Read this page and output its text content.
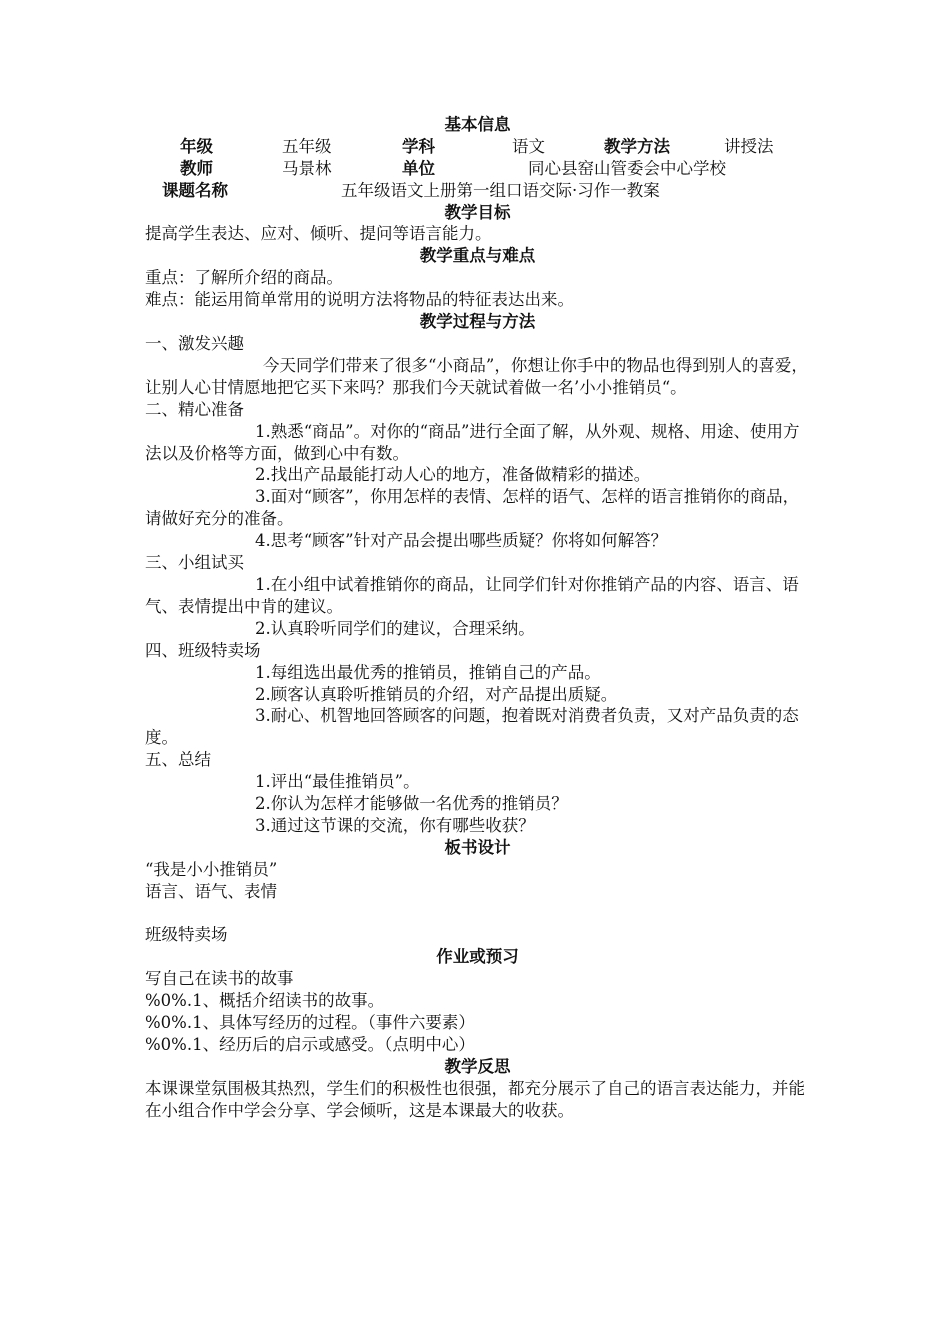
基本信息
年级	五年级	学科	语文	教学方法	讲授法
教师	马景林	单位	同心县窑山管委会中心学校
课题名称	五年级语文上册第一组口语交际·习作一教案
教学目标

提高学生表达、应对、倾听、提问等语言能力。

教学重点与难点

重点：了解所介绍的商品。

难点：能运用简单常用的说明方法将物品的特征表达出来。

教学过程与方法

一、激发兴趣

今天同学们带来了很多“小商品”，你想让你手中的物品也得到别人的喜爱，让别人心甘情愿地把它买下来吗？那我们今天就试着做一名’小小推销员“。

二、精心准备

1.熟悉“商品”。对你的“商品”进行全面了解，从外观、规格、用途、使用方法以及价格等方面，做到心中有数。

2.找出产品最能打动人心的地方，准备做精彩的描述。

3.面对“顾客”，你用怎样的表情、怎样的语气、怎样的语言推销你的商品，请做好充分的准备。

4.思考“顾客”针对产品会提出哪些质疑？你将如何解答？

三、小组试买

1.在小组中试着推销你的商品，让同学们针对你推销产品的内容、语言、语气、表情提出中肯的建议。

2.认真聆听同学们的建议，合理采纳。

四、班级特卖场

1.每组选出最优秀的推销员，推销自己的产品。

2.顾客认真聆听推销员的介绍，对产品提出质疑。

3.耐心、机智地回答顾客的问题，抱着既对消费者负责，又对产品负责的态度。

五、总结

1.评出“最佳推销员”。

2.你认为怎样才能够做一名优秀的推销员？

3.通过这节课的交流，你有哪些收获？

板书设计

“我是小小推销员”

语言、语气、表情

班级特卖场

作业或预习

写自己在读书的故事

%0%.1、概括介绍读书的故事。

%0%.1、具体写经历的过程。（事件六要素）

%0%.1、经历后的启示或感受。（点明中心）

教学反思

本课课堂氛围极其热烈，学生们的积极性也很强，都充分展示了自己的语言表达能力，并能在小组合作中学会分享、学会倾听，这是本课最大的收获。
